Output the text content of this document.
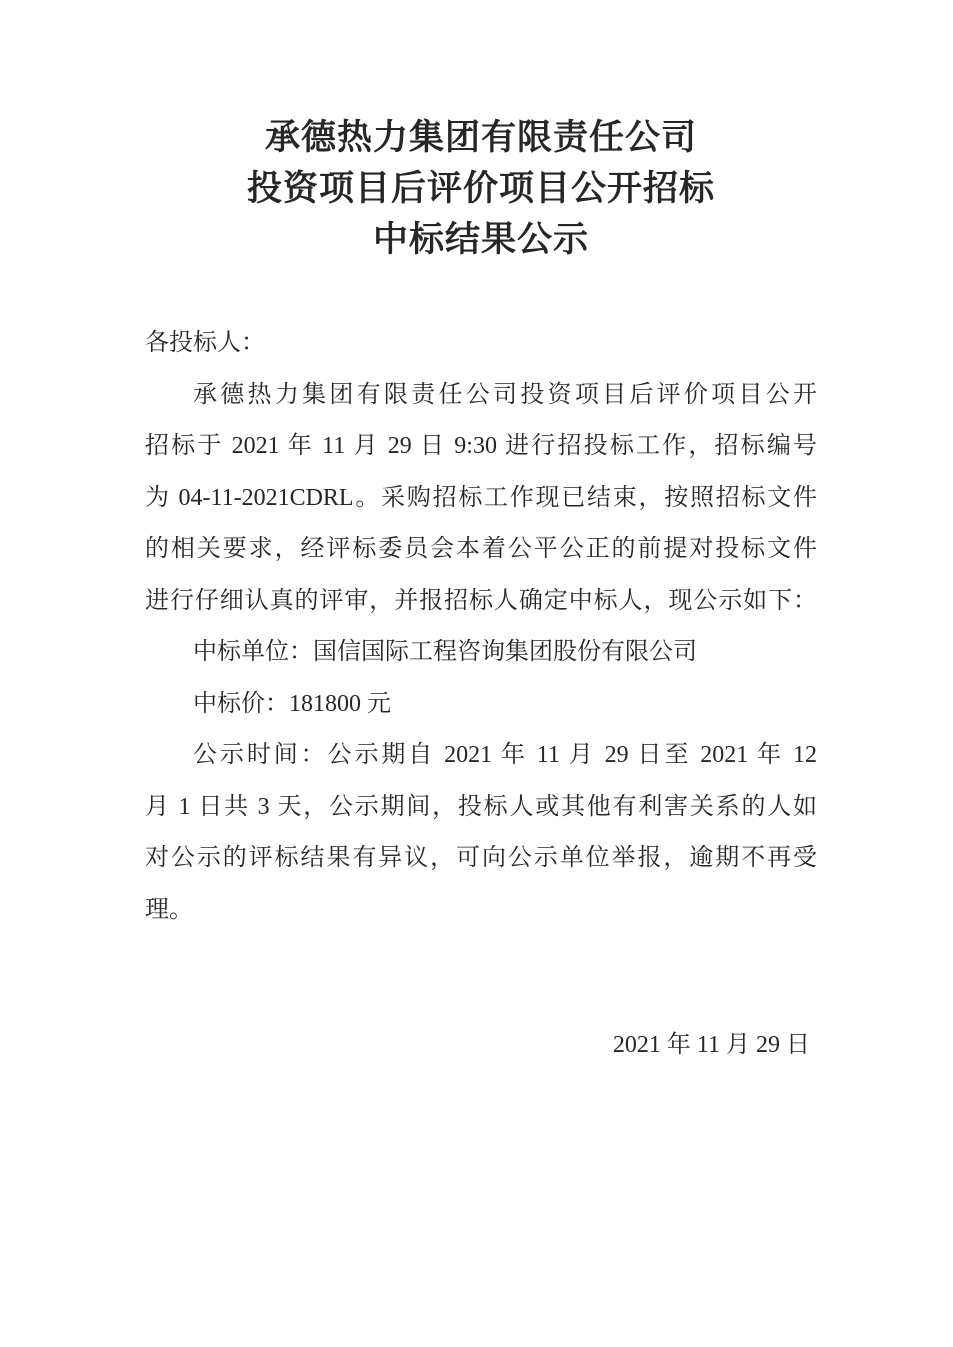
承德热力集团有限责任公司
投资项目后评价项目公开招标
中标结果公示
各投标人：
承德热力集团有限责任公司投资项目后评价项目公开
招标于 2021 年 11 月 29 日 9:30 进行招投标工作，招标编号
为 04-11-2021CDRL。采购招标工作现已结束，按照招标文件
的相关要求，经评标委员会本着公平公正的前提对投标文件
进行仔细认真的评审，并报招标人确定中标人，现公示如下：
中标单位：国信国际工程咨询集团股份有限公司
中标价：181800 元
公示时间：公示期自 2021 年 11 月 29 日至 2021 年 12
月 1 日共 3 天，公示期间，投标人或其他有利害关系的人如
对公示的评标结果有异议，可向公示单位举报，逾期不再受
理。
2021 年 11 月 29 日
